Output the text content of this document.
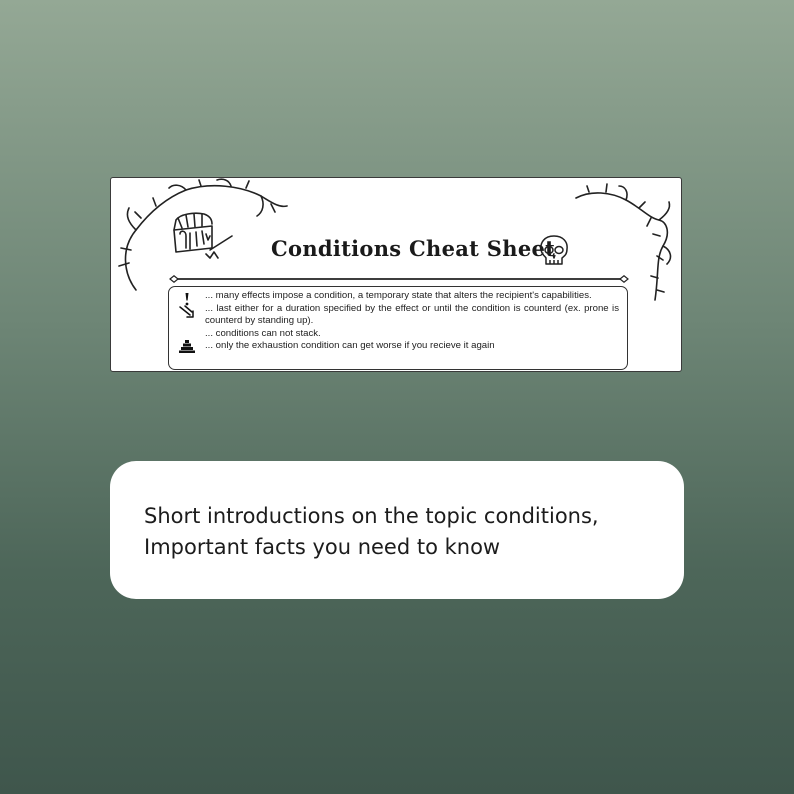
Conditions Cheat Sheet
... many effects impose a condition, a temporary state that alters the recipient's capabilities.
... last either for a duration specified by the effect or until the condition is counterd (ex. prone is counterd by standing up).
... conditions can not stack.
... only the exhaustion condition can get worse if you recieve it again
Short introductions on the topic conditions,
Important facts you need to know
